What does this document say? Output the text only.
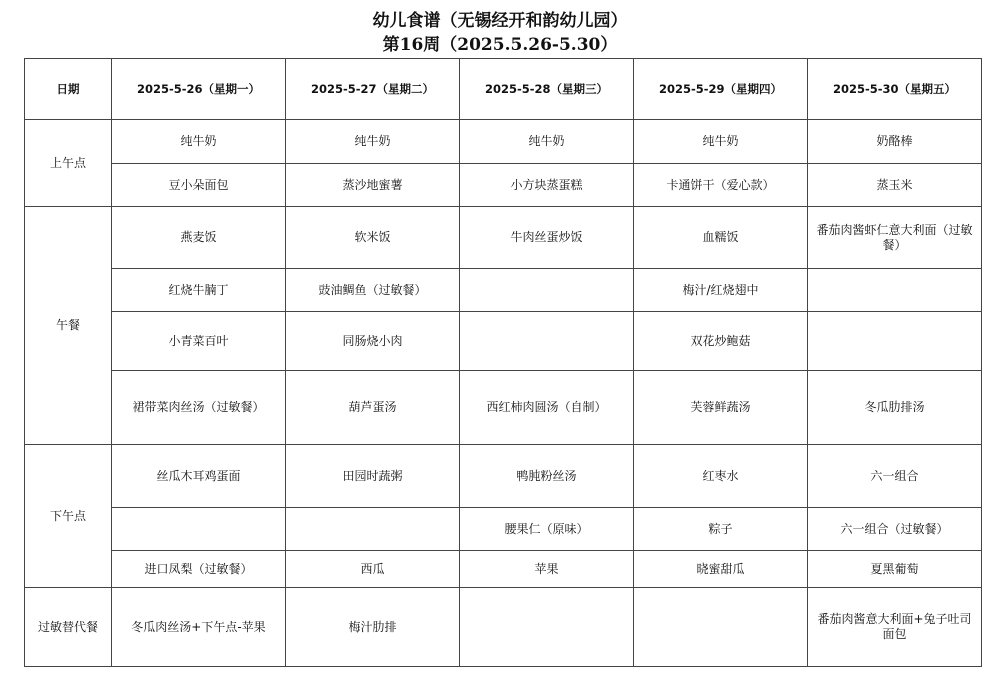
幼儿食谱（无锡经开和韵幼儿园）
第16周（2025.5.26-5.30）
日期	2025-5-26（星期一）	2025-5-27（星期二）	2025-5-28（星期三）	2025-5-29（星期四）	2025-5-30（星期五）
上午点	纯牛奶	纯牛奶	纯牛奶	纯牛奶	奶酪棒
	豆小朵面包	蒸沙地蜜薯	小方块蒸蛋糕	卡通饼干（爱心款）	蒸玉米
午餐	燕麦饭	软米饭	牛肉丝蛋炒饭	血糯饭	番茄肉酱虾仁意大利面（过敏餐）
	红烧牛腩丁	豉油鲷鱼（过敏餐）		梅汁/红烧翅中	
	小青菜百叶	同肠烧小肉		双花炒鲍菇	
	裙带菜肉丝汤（过敏餐）	葫芦蛋汤	西红柿肉圆汤（自制）	芙蓉鲜蔬汤	冬瓜肋排汤
下午点	丝瓜木耳鸡蛋面	田园时蔬粥	鸭肫粉丝汤	红枣水	六一组合
			腰果仁（原味）	粽子	六一组合（过敏餐）
	进口凤梨（过敏餐）	西瓜	苹果	晓蜜甜瓜	夏黑葡萄
过敏替代餐	冬瓜肉丝汤+下午点-苹果	梅汁肋排			番茄肉酱意大利面+兔子吐司面包
